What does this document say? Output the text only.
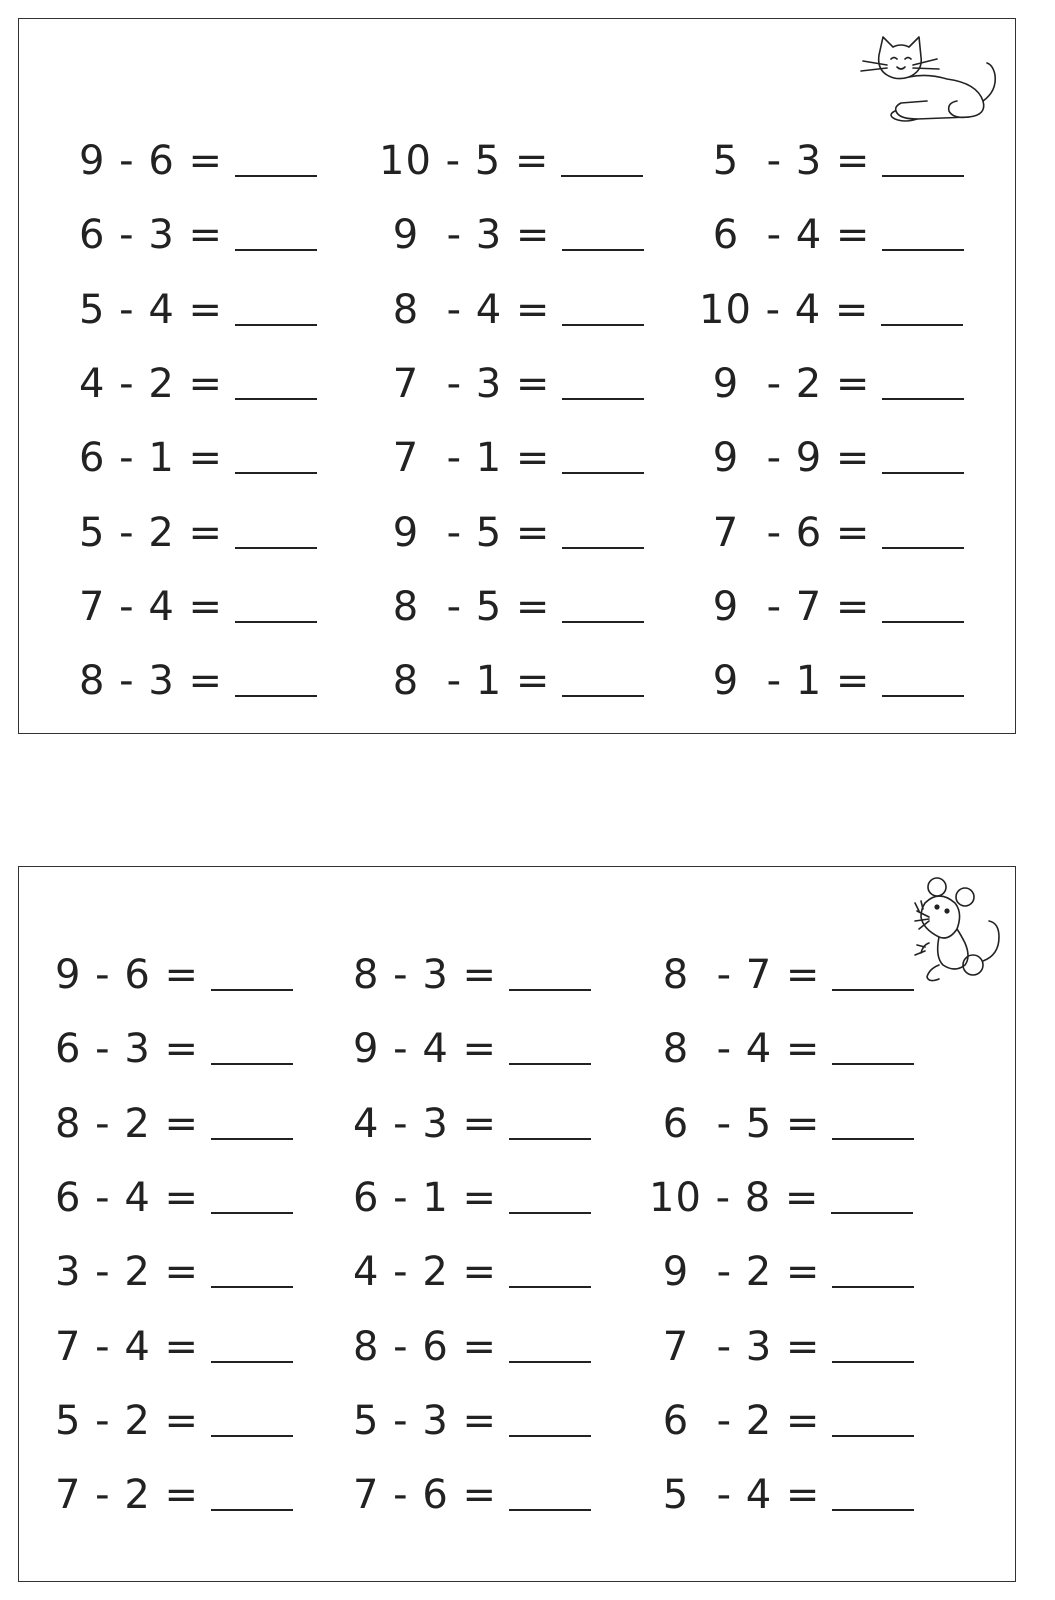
9 - 6 =
6 - 3 =
5 - 4 =
4 - 2 =
6 - 1 =
5 - 2 =
7 - 4 =
8 - 3 =
10 - 5 =
9  - 3 =
8  - 4 =
7  - 3 =
7  - 1 =
9  - 5 =
8  - 5 =
8  - 1 =
5  - 3 =
6  - 4 =
10 - 4 =
9  - 2 =
9  - 9 =
7  - 6 =
9  - 7 =
9  - 1 =
9 - 6 =
6 - 3 =
8 - 2 =
6 - 4 =
3 - 2 =
7 - 4 =
5 - 2 =
7 - 2 =
8 - 3 =
9 - 4 =
4 - 3 =
6 - 1 =
4 - 2 =
8 - 6 =
5 - 3 =
7 - 6 =
8  - 7 =
8  - 4 =
6  - 5 =
10 - 8 =
9  - 2 =
7  - 3 =
6  - 2 =
5  - 4 =
